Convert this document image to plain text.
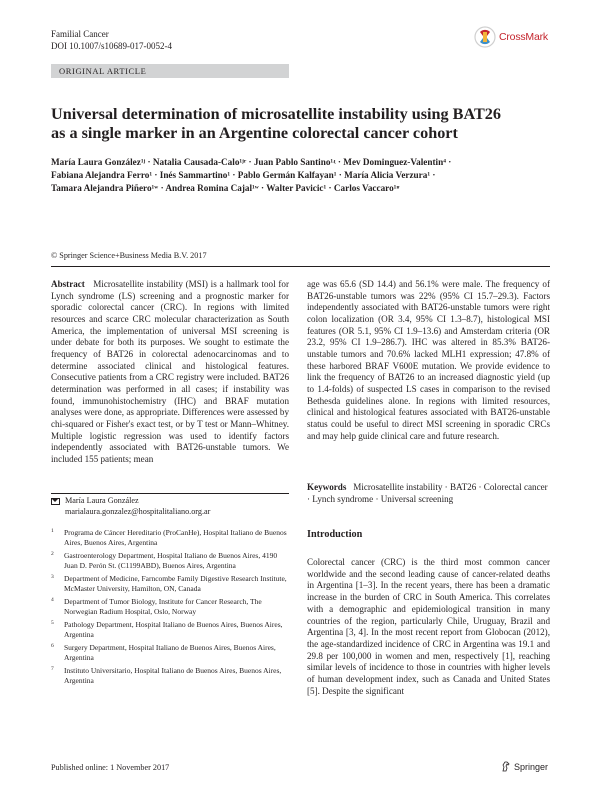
Familial Cancer
DOI 10.1007/s10689-017-0052-4
CrossMark
ORIGINAL ARTICLE
Universal determination of microsatellite instability using BAT26
as a single marker in an Argentine colorectal cancer cohort
María Laura González¹ʲ · Natalia Causada-Calo¹ʲʳ · Juan Pablo Santino¹ʵ · Mev Dominguez-Valentin⁴ ·
Fabiana Alejandra Ferro¹ · Inés Sammartino¹ · Pablo Germán Kalfayan¹ · María Alicia Verzura¹ ·
Tamara Alejandra Piñero¹ʷ · Andrea Romina Cajal¹ʷ · Walter Pavicic¹ · Carlos Vaccaro¹ʶ
© Springer Science+Business Media B.V. 2017
Abstract Microsatellite instability (MSI) is a hallmark tool for Lynch syndrome (LS) screening and a prognostic marker for sporadic colorectal cancer (CRC). In regions with limited resources and scarce CRC molecular characterization as South America, the implementation of universal MSI screening is under debate for both its purposes. We sought to estimate the frequency of BAT26 in colorectal adenocarcinomas and to determine associated clinical and histological features. Consecutive patients from a CRC registry were included. BAT26 determination was performed in all cases; if instability was found, immunohistochemistry (IHC) and BRAF mutation analyses were done, as appropriate. Differences were assessed by chi-squared or Fisher's exact test, or by T test or Mann–Whitney. Multiple logistic regression was used to identify factors independently associated with BAT26-unstable tumors. We included 155 patients; mean
age was 65.6 (SD 14.4) and 56.1% were male. The frequency of BAT26-unstable tumors was 22% (95% CI 15.7–29.3). Factors independently associated with BAT26-unstable tumors were right colon localization (OR 3.4, 95% CI 1.3–8.7), histological MSI features (OR 5.1, 95% CI 1.9–13.6) and Amsterdam criteria (OR 23.2, 95% CI 1.9–286.7). IHC was altered in 85.3% BAT26-unstable tumors and 70.6% lacked MLH1 expression; 47.8% of these harbored BRAF V600E mutation. We provide evidence to link the frequency of BAT26 to an increased diagnostic yield (up to 1.4-folds) of suspected LS cases in comparison to the revised Bethesda guidelines alone. In regions with limited resources, clinical and histological features associated with BAT26-unstable status could be useful to direct MSI screening in sporadic CRCs and may help guide clinical care and future research.
Keywords Microsatellite instability · BAT26 · Colorectal cancer · Lynch syndrome · Universal screening
María Laura González
marialaura.gonzalez@hospitalitaliano.org.ar
1	Programa de Cáncer Hereditario (ProCanHe), Hospital Italiano de Buenos Aires, Buenos Aires, Argentina
2	Gastroenterology Department, Hospital Italiano de Buenos Aires, 4190 Juan D. Perón St. (C1199ABD), Buenos Aires, Argentina
3	Department of Medicine, Farncombe Family Digestive Research Institute, McMaster University, Hamilton, ON, Canada
4	Department of Tumor Biology, Institute for Cancer Research, The Norwegian Radium Hospital, Oslo, Norway
5	Pathology Department, Hospital Italiano de Buenos Aires, Buenos Aires, Argentina
6	Surgery Department, Hospital Italiano de Buenos Aires, Buenos Aires, Argentina
7	Instituto Universitario, Hospital Italiano de Buenos Aires, Buenos Aires, Argentina
Introduction
Colorectal cancer (CRC) is the third most common cancer worldwide and the second leading cause of cancer-related deaths in Argentina [1–3]. In the recent years, there has been a dramatic increase in the burden of CRC in South America. This correlates with a demographic and epidemiological transition in many countries of the region, particularly Chile, Uruguay, Brazil and Argentina [3, 4]. In the most recent report from Globocan (2012), the age-standardized incidence of CRC in Argentina was 19.1 and 29.8 per 100,000 in women and men, respectively [1], reaching similar levels of incidence to those in countries with higher levels of human development index, such as Canada and United States [5]. Despite the significant
Published online: 1 November 2017	Springer
